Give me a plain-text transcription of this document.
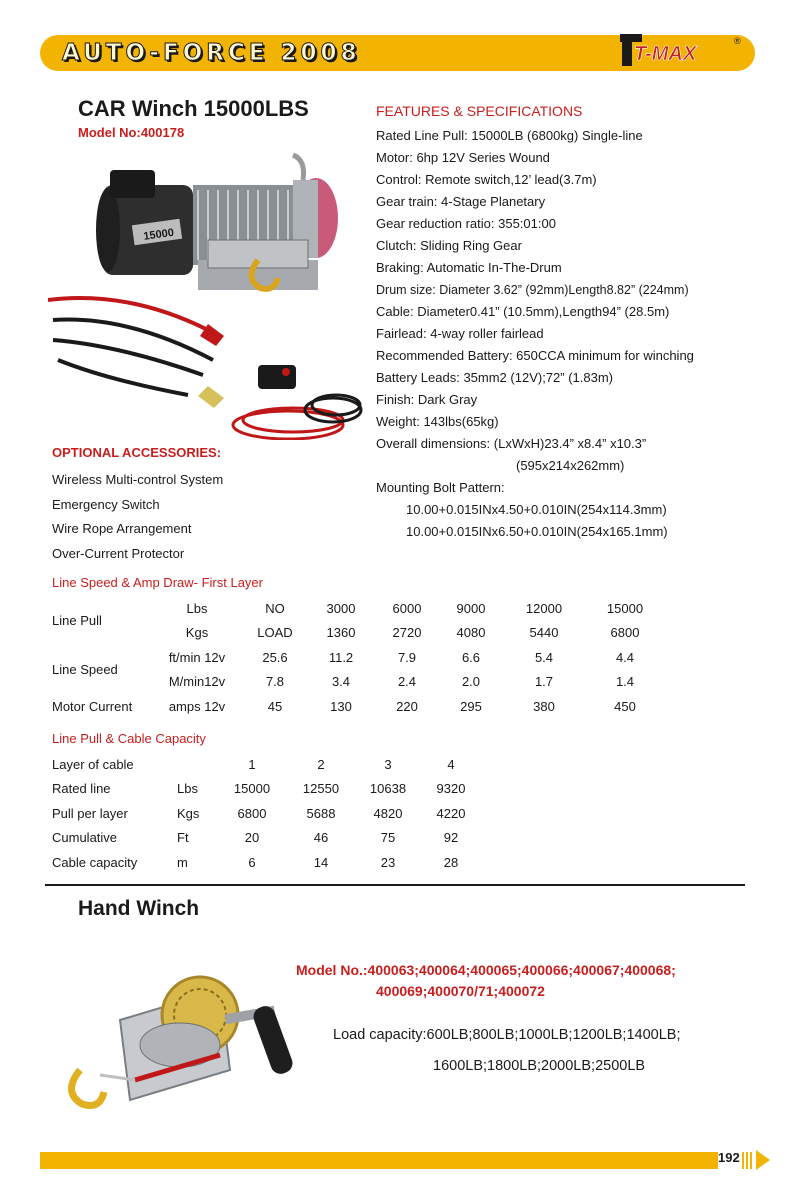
AUTO-FORCE 2008	T-MAX
®
CAR Winch 15000LBS
Model No:400178
FEATURES & SPECIFICATIONS
Rated Line Pull: 15000LB (6800kg) Single-line
Motor: 6hp 12V Series Wound
Control: Remote switch,12’ lead(3.7m)
Gear train: 4-Stage Planetary
Gear reduction ratio: 355:01:00
Clutch: Sliding Ring Gear
Braking: Automatic In-The-Drum
Drum size: Diameter 3.62” (92mm)Length8.82” (224mm)
Cable: Diameter0.41” (10.5mm),Length94” (28.5m)
Fairlead: 4-way roller fairlead
Recommended Battery: 650CCA minimum for winching
Battery Leads: 35mm2 (12V);72” (1.83m)
Finish: Dark Gray
Weight: 143lbs(65kg)
Overall dimensions: (LxWxH)23.4” x8.4” x10.3”
(595x214x262mm)
Mounting Bolt Pattern:
10.00+0.015INx4.50+0.010IN(254x114.3mm)
10.00+0.015INx6.50+0.010IN(254x165.1mm)
15000
OPTIONAL ACCESSORIES:
Wireless Multi-control System
Emergency Switch
Wire Rope Arrangement
Over-Current Protector
Line Speed & Amp Draw- First Layer
Line Pull	Lbs	NO	3000	6000	9000	12000	15000
	Kgs	LOAD	1360	2720	4080	5440	6800
Line Speed	ft/min 12v	25.6	11.2	7.9	6.6	5.4	4.4
	M/min12v	7.8	3.4	2.4	2.0	1.7	1.4
Motor Current	amps 12v	45	130	220	295	380	450
Line Pull & Cable Capacity
Layer of cable		1	2	3	4
Rated line	Lbs	15000	12550	10638	9320
Pull per layer	Kgs	6800	5688	4820	4220
Cumulative	Ft	20	46	75	92
Cable capacity	m	6	14	23	28
Hand Winch
Model No.:400063;400064;400065;400066;400067;400068;
400069;400070/71;400072
Load capacity:600LB;800LB;1000LB;1200LB;1400LB;
1600LB;1800LB;2000LB;2500LB
192
